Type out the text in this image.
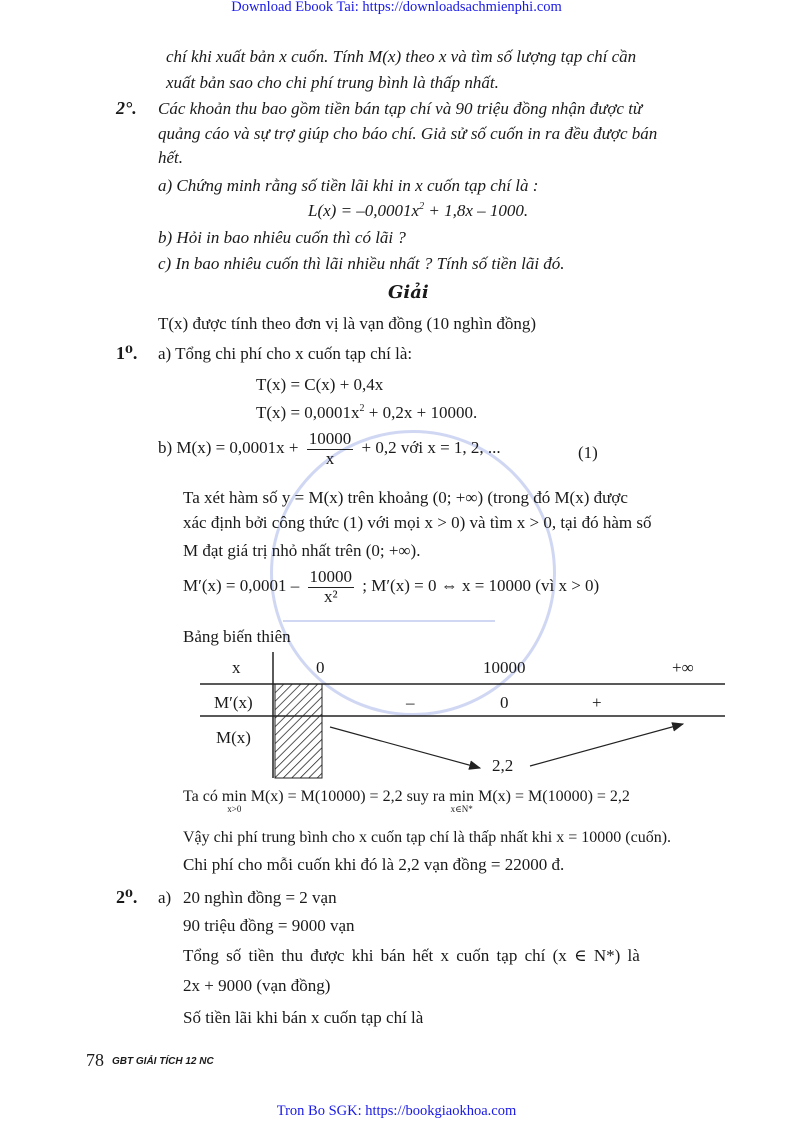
Download Ebook Tai: https://downloadsachmienphi.com
chí khi xuất bản x cuốn. Tính M(x) theo x và tìm số lượng tạp chí cần
xuất bản sao cho chi phí trung bình là thấp nhất.
2°. Các khoản thu bao gồm tiền bán tạp chí và 90 triệu đồng nhận được từ
quảng cáo và sự trợ giúp cho báo chí. Giả sử số cuốn in ra đều được bán
hết.
a) Chứng minh rằng số tiền lãi khi in x cuốn tạp chí là :
$L(x) = -0,0001x^2 + 1,8x - 1000$.
b) Hỏi in bao nhiêu cuốn thì có lãi ?
c) In bao nhiêu cuốn thì lãi nhiều nhất ? Tính số tiền lãi đó.
Giải
T(x) được tính theo đơn vị là vạn đồng (10 nghìn đồng)
1⁰. a) Tổng chi phí cho x cuốn tạp chí là:
T(x) = C(x) + 0,4x
$T(x) = 0,0001x^2 + 0,2x + 10000$.
b) $M(x) = 0,0001x + \frac{10000}{x} + 0,2$ với x = 1, 2, ...	(1)
Ta xét hàm số y = M(x) trên khoảng (0; +∞) (trong đó M(x) được
xác định bởi công thức (1) với mọi x > 0) và tìm x > 0, tại đó hàm số
M đạt giá trị nhỏ nhất trên (0; +∞).
$M'(x) = 0,0001 - \frac{10000}{\text{x²}}$ ; M′(x) = 0 ⇔ x = 10000 (vì x > 0)
Bảng biến thiên
x	0	10000	+∞
M′(x)	–	0	+
M(x)
2,2
Ta có min
x>0
M(x) = M(10000) = 2,2 suy ra min
x∈N*
M(x) = M(10000) = 2,2
Vậy chi phí trung bình cho x cuốn tạp chí là thấp nhất khi x = 10000 (cuốn).
Chi phí cho mỗi cuốn khi đó là 2,2 vạn đồng = 22000 đ.
2⁰. a) 20 nghìn đồng = 2 vạn
90 triệu đồng = 9000 vạn
Tổng số tiền thu được khi bán hết x cuốn tạp chí (x ∈ N*) là
2x + 9000 (vạn đồng)
Số tiền lãi khi bán x cuốn tạp chí là
78 GBT GIẢI TÍCH 12 NC
Tron Bo SGK: https://bookgiaokhoa.com
